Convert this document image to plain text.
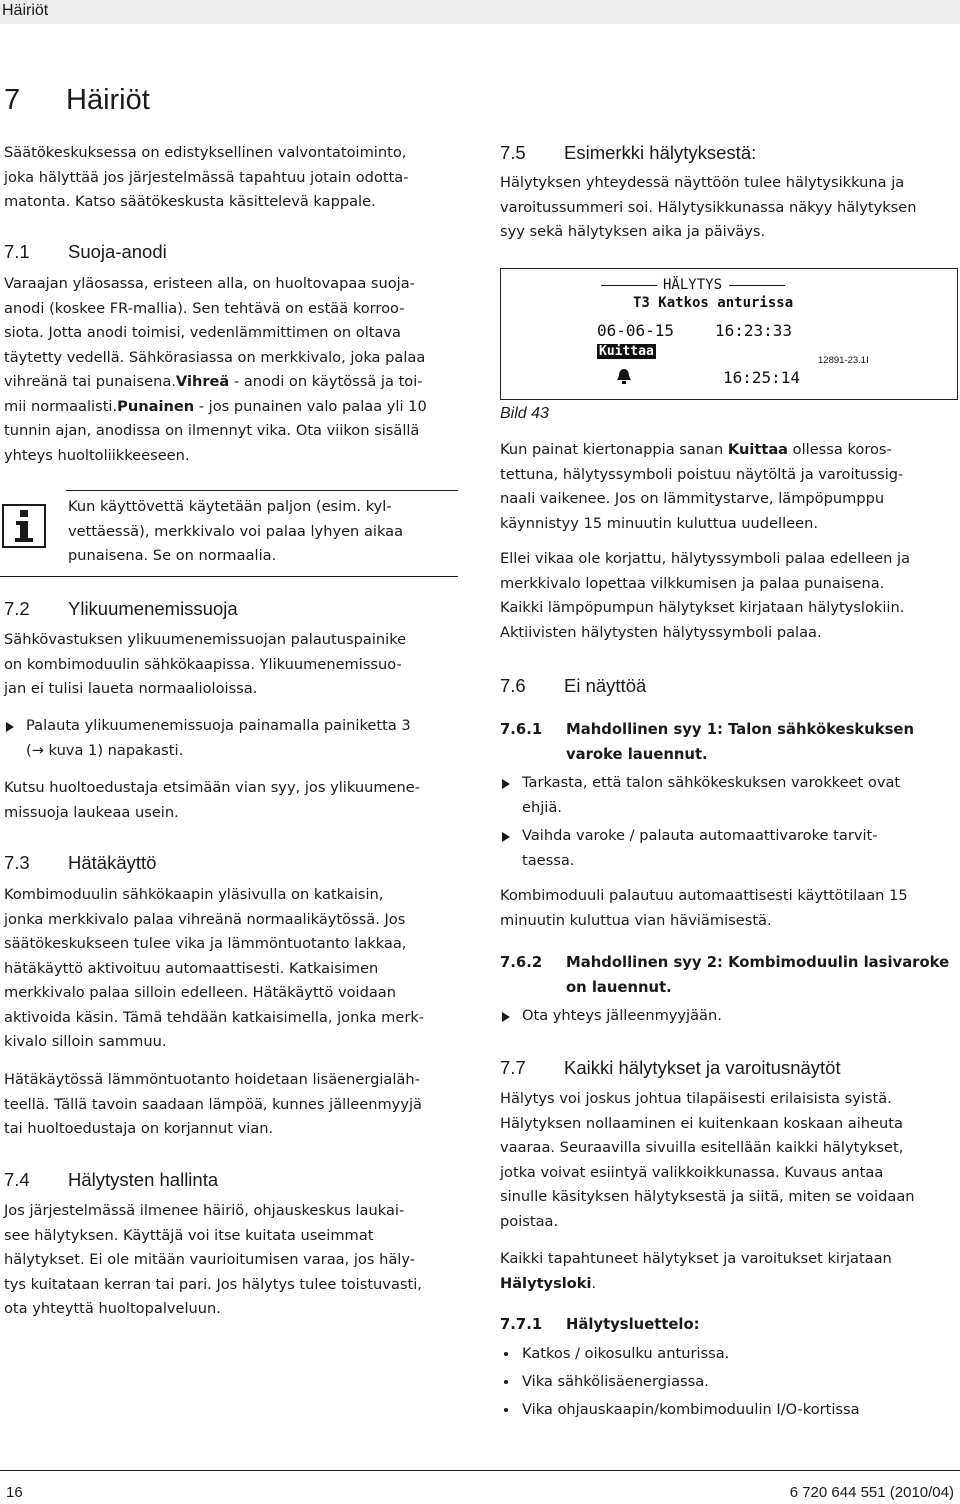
Häiriöt
7 Häiriöt
Säätökeskuksessa on edistyksellinen valvontatoiminto,
joka hälyttää jos järjestelmässä tapahtuu jotain odotta-
matonta. Katso säätökeskusta käsittelevä kappale.
7.1 Suoja-anodi
Varaajan yläosassa, eristeen alla, on huoltovapaa suoja-
anodi (koskee FR-mallia). Sen tehtävä on estää korroo-
siota. Jotta anodi toimisi, vedenlämmittimen on oltava
täytetty vedellä. Sähkörasiassa on merkkivalo, joka palaa
vihreänä tai punaisena.Vihreä - anodi on käytössä ja toi-
mii normaalisti.Punainen - jos punainen valo palaa yli 10
tunnin ajan, anodissa on ilmennyt vika. Ota viikon sisällä
yhteys huoltoliikkeeseen.
Kun käyttövettä käytetään paljon (esim. kyl-
vettäessä), merkkivalo voi palaa lyhyen aikaa
punaisena. Se on normaalia.
7.2 Ylikuumenemissuoja
Sähkövastuksen ylikuumenemissuojan palautuspainike
on kombimoduulin sähkökaapissa. Ylikuumenemissuo-
jan ei tulisi laueta normaalioloissa.
Palauta ylikuumenemissuoja painamalla painiketta 3
(→ kuva 1) napakasti.
Kutsu huoltoedustaja etsimään vian syy, jos ylikuumene-
missuoja laukeaa usein.
7.3 Hätäkäyttö
Kombimoduulin sähkökaapin yläsivulla on katkaisin,
jonka merkkivalo palaa vihreänä normaalikäytössä. Jos
säätökeskukseen tulee vika ja lämmöntuotanto lakkaa,
hätäkäyttö aktivoituu automaattisesti. Katkaisimen
merkkivalo palaa silloin edelleen. Hätäkäyttö voidaan
aktivoida käsin. Tämä tehdään katkaisimella, jonka merk-
kivalo silloin sammuu.
Hätäkäytössä lämmöntuotanto hoidetaan lisäenergialäh-
teellä. Tällä tavoin saadaan lämpöä, kunnes jälleenmyyjä
tai huoltoedustaja on korjannut vian.
7.4 Hälytysten hallinta
Jos järjestelmässä ilmenee häiriö, ohjauskeskus laukai-
see hälytyksen. Käyttäjä voi itse kuitata useimmat
hälytykset. Ei ole mitään vaurioitumisen varaa, jos häly-
tys kuitataan kerran tai pari. Jos hälytys tulee toistuvasti,
ota yhteyttä huoltopalveluun.
7.5 Esimerkki hälytyksestä:
Hälytyksen yhteydessä näyttöön tulee hälytysikkuna ja
varoitussummeri soi. Hälytysikkunassa näkyy hälytyksen
syy sekä hälytyksen aika ja päiväys.
HÄLYTYS
T3 Katkos anturissa
06-06-15	16:23:33
Kuittaa
12891-23.1I
16:25:14
Bild 43
Kun painat kiertonappia sanan Kuittaa ollessa koros-
tettuna, hälytyssymboli poistuu näytöltä ja varoitussig-
naali vaikenee. Jos on lämmitystarve, lämpöpumppu
käynnistyy 15 minuutin kuluttua uudelleen.
Ellei vikaa ole korjattu, hälytyssymboli palaa edelleen ja
merkkivalo lopettaa vilkkumisen ja palaa punaisena.
Kaikki lämpöpumpun hälytykset kirjataan hälytyslokiin.
Aktiivisten hälytysten hälytyssymboli palaa.
7.6 Ei näyttöä
7.6.1 Mahdollinen syy 1: Talon sähkökeskuksen
varoke lauennut.
Tarkasta, että talon sähkökeskuksen varokkeet ovat
ehjiä.
Vaihda varoke / palauta automaattivaroke tarvit-
taessa.
Kombimoduuli palautuu automaattisesti käyttötilaan 15
minuutin kuluttua vian häviämisestä.
7.6.2 Mahdollinen syy 2: Kombimoduulin lasivaroke
on lauennut.
Ota yhteys jälleenmyyjään.
7.7 Kaikki hälytykset ja varoitusnäytöt
Hälytys voi joskus johtua tilapäisesti erilaisista syistä.
Hälytyksen nollaaminen ei kuitenkaan koskaan aiheuta
vaaraa. Seuraavilla sivuilla esitellään kaikki hälytykset,
jotka voivat esiintyä valikkoikkunassa. Kuvaus antaa
sinulle käsityksen hälytyksestä ja siitä, miten se voidaan
poistaa.
Kaikki tapahtuneet hälytykset ja varoitukset kirjataan
Hälytysloki.
7.7.1 Hälytysluettelo:
Katkos / oikosulku anturissa.
Vika sähkölisäenergiassa.
Vika ohjauskaapin/kombimoduulin I/O-kortissa
16	6 720 644 551 (2010/04)
